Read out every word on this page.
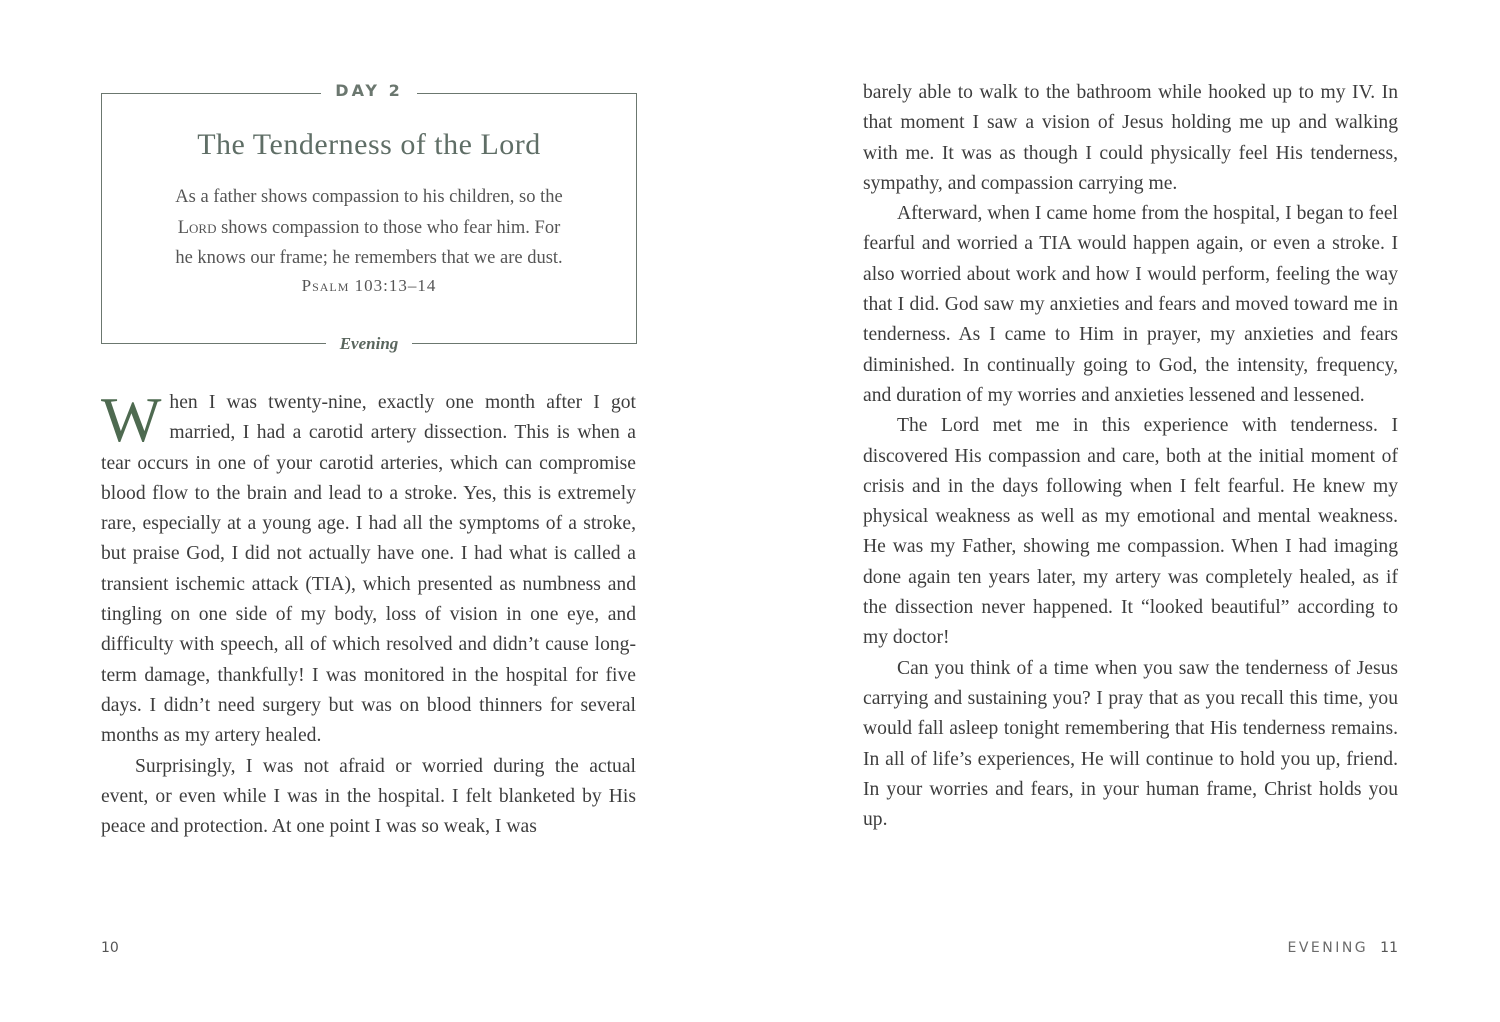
DAY 2
The Tenderness of the Lord
As a father shows compassion to his children, so the
Lord shows compassion to those who fear him. For
he knows our frame; he remembers that we are dust.
Psalm 103:13–14
Evening

When I was twenty-nine, exactly one month after I got married, I had a carotid artery dissection. This is when a tear occurs in one of your carotid arteries, which can compromise blood flow to the brain and lead to a stroke. Yes, this is extremely rare, especially at a young age. I had all the symptoms of a stroke, but praise God, I did not actually have one. I had what is called a transient ischemic attack (TIA), which presented as numbness and tingling on one side of my body, loss of vision in one eye, and difficulty with speech, all of which resolved and didn’t cause long-term damage, thankfully! I was monitored in the hospital for five days. I didn’t need surgery but was on blood thinners for several months as my artery healed.

Surprisingly, I was not afraid or worried during the actual event, or even while I was in the hospital. I felt blanketed by His peace and protection. At one point I was so weak, I was

10

barely able to walk to the bathroom while hooked up to my IV. In that moment I saw a vision of Jesus holding me up and walking with me. It was as though I could physically feel His tenderness, sympathy, and compassion carrying me.

Afterward, when I came home from the hospital, I began to feel fearful and worried a TIA would happen again, or even a stroke. I also worried about work and how I would perform, feeling the way that I did. God saw my anxieties and fears and moved toward me in tenderness. As I came to Him in prayer, my anxieties and fears diminished. In continually going to God, the intensity, frequency, and duration of my worries and anxieties lessened and lessened.

The Lord met me in this experience with tenderness. I discovered His compassion and care, both at the initial moment of crisis and in the days following when I felt fearful. He knew my physical weakness as well as my emotional and mental weakness. He was my Father, showing me compassion. When I had imaging done again ten years later, my artery was completely healed, as if the dissection never happened. It “looked beautiful” according to my doctor!

Can you think of a time when you saw the tenderness of Jesus carrying and sustaining you? I pray that as you recall this time, you would fall asleep tonight remembering that His tenderness remains. In all of life’s experiences, He will continue to hold you up, friend. In your worries and fears, in your human frame, Christ holds you up.

EVENING 11
